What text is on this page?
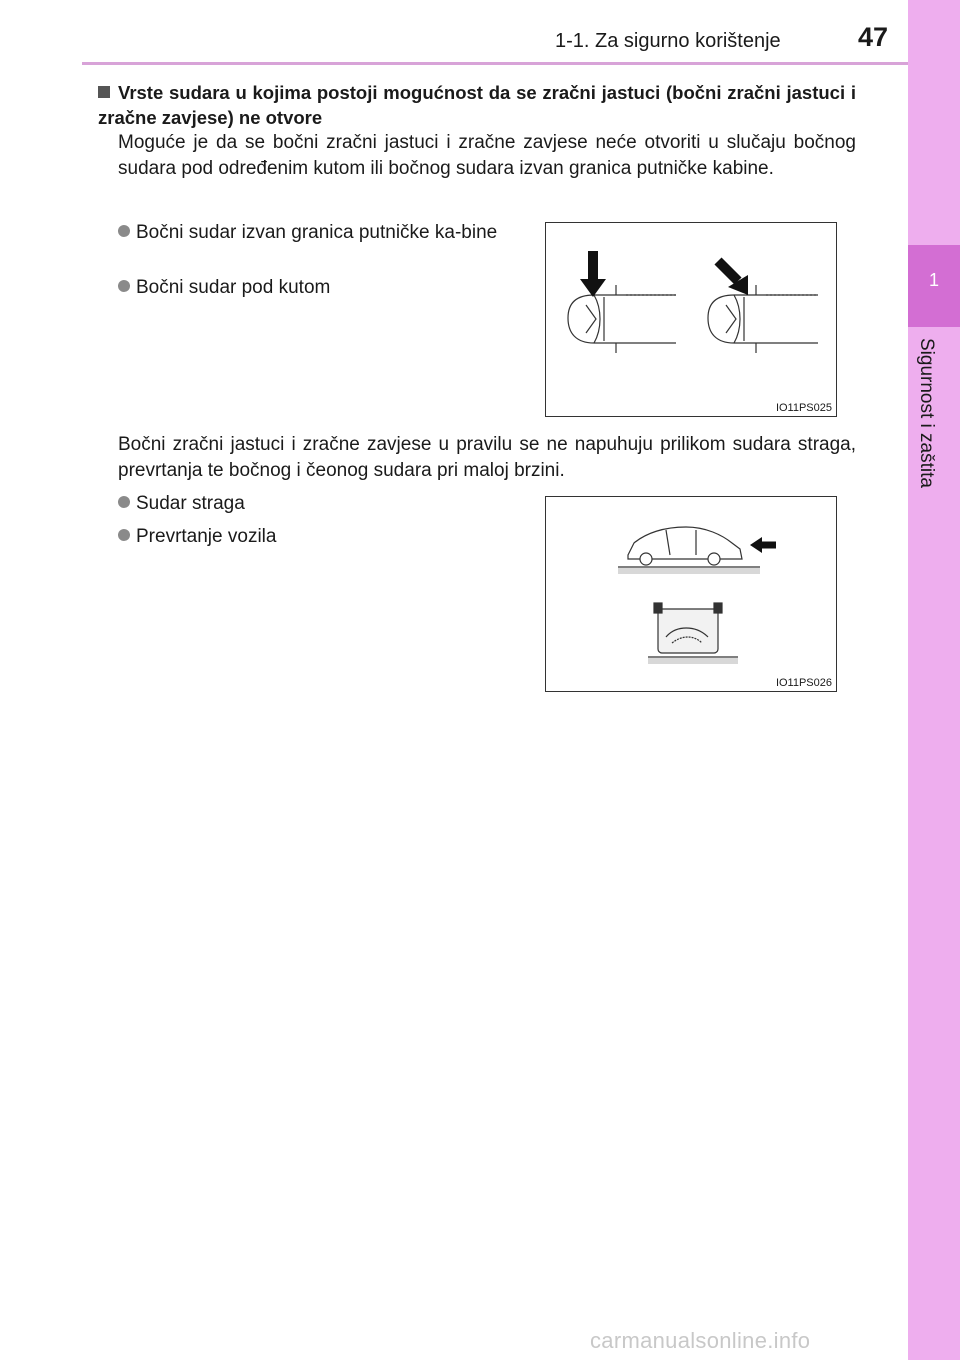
1-1. Za sigurno korištenje	47
1
Sigurnost i zaštita
Vrste sudara u kojima postoji mogućnost da se zračni jastuci (bočni zračni jastuci i zračne zavjese) ne otvore
Moguće je da se bočni zračni jastuci i zračne zavjese neće otvoriti u slučaju bočnog sudara pod određenim kutom ili bočnog sudara izvan granica putničke kabine.
Bočni sudar izvan granica putničke ka-bine
Bočni sudar pod kutom
IO11PS025
Bočni zračni jastuci i zračne zavjese u pravilu se ne napuhuju prilikom sudara straga, prevrtanja te bočnog i čeonog sudara pri maloj brzini.
Sudar straga
Prevrtanje vozila
IO11PS026
carmanualsonline.info
